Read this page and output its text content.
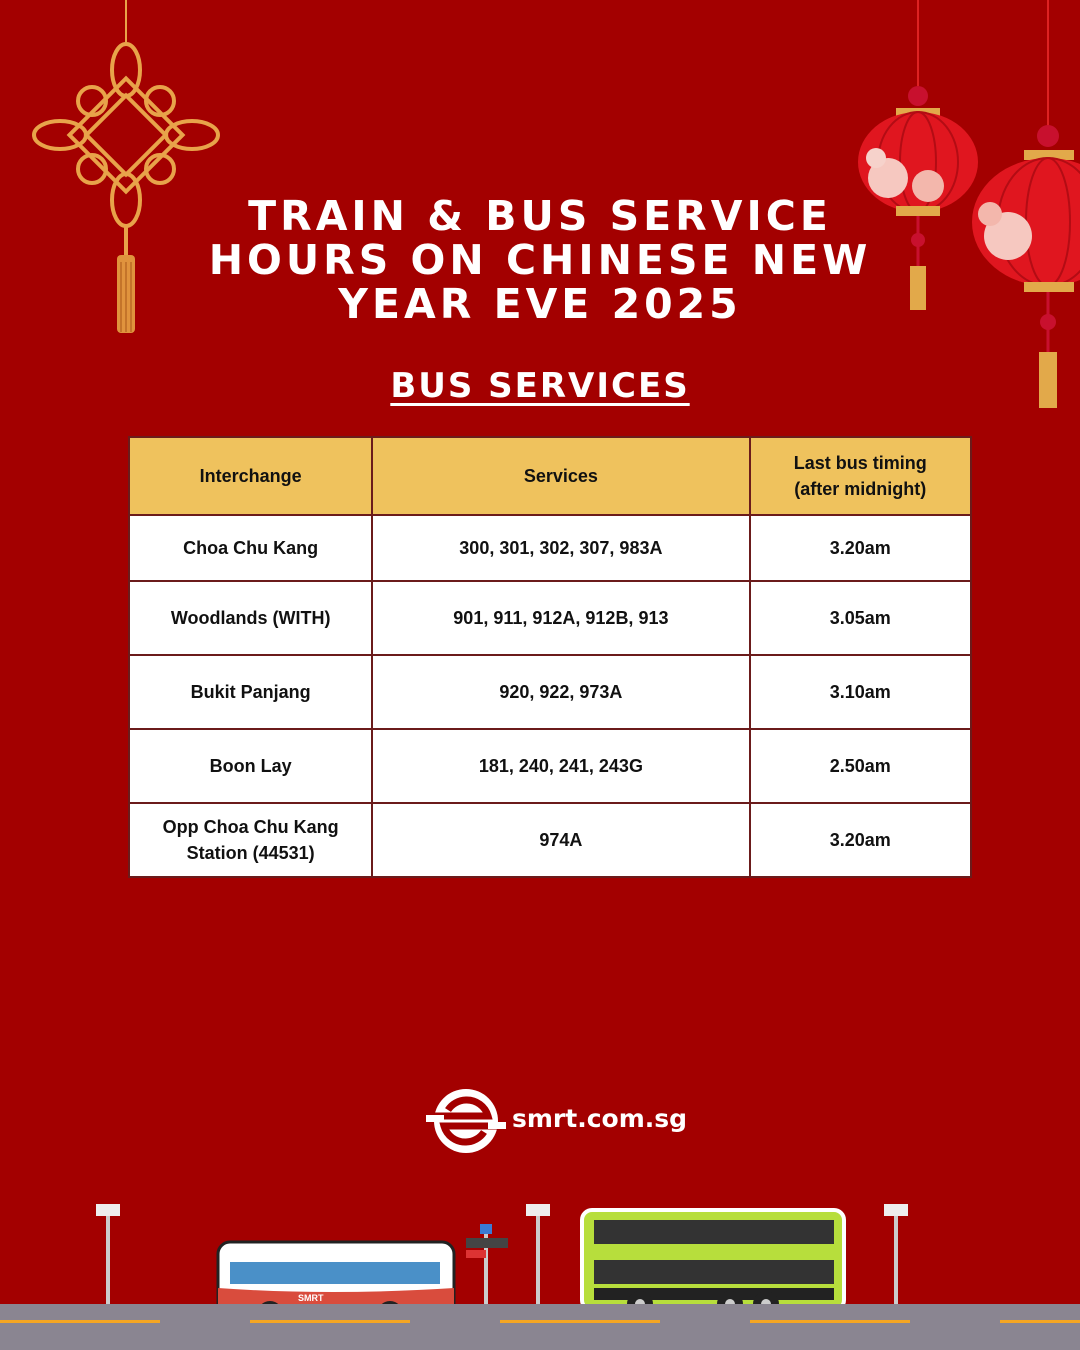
TRAIN & BUS SERVICE
HOURS ON CHINESE NEW
YEAR EVE 2025
BUS SERVICES
Interchange	Services	Last bus timing
(after midnight)
Choa Chu Kang	300, 301, 302, 307, 983A	3.20am
Woodlands (WITH)	901, 911, 912A, 912B, 913	3.05am
Bukit Panjang	920, 922, 973A	3.10am
Boon Lay	181, 240, 241, 243G	2.50am
Opp Choa Chu Kang
Station (44531)	974A	3.20am
smrt.com.sg
SMRT
